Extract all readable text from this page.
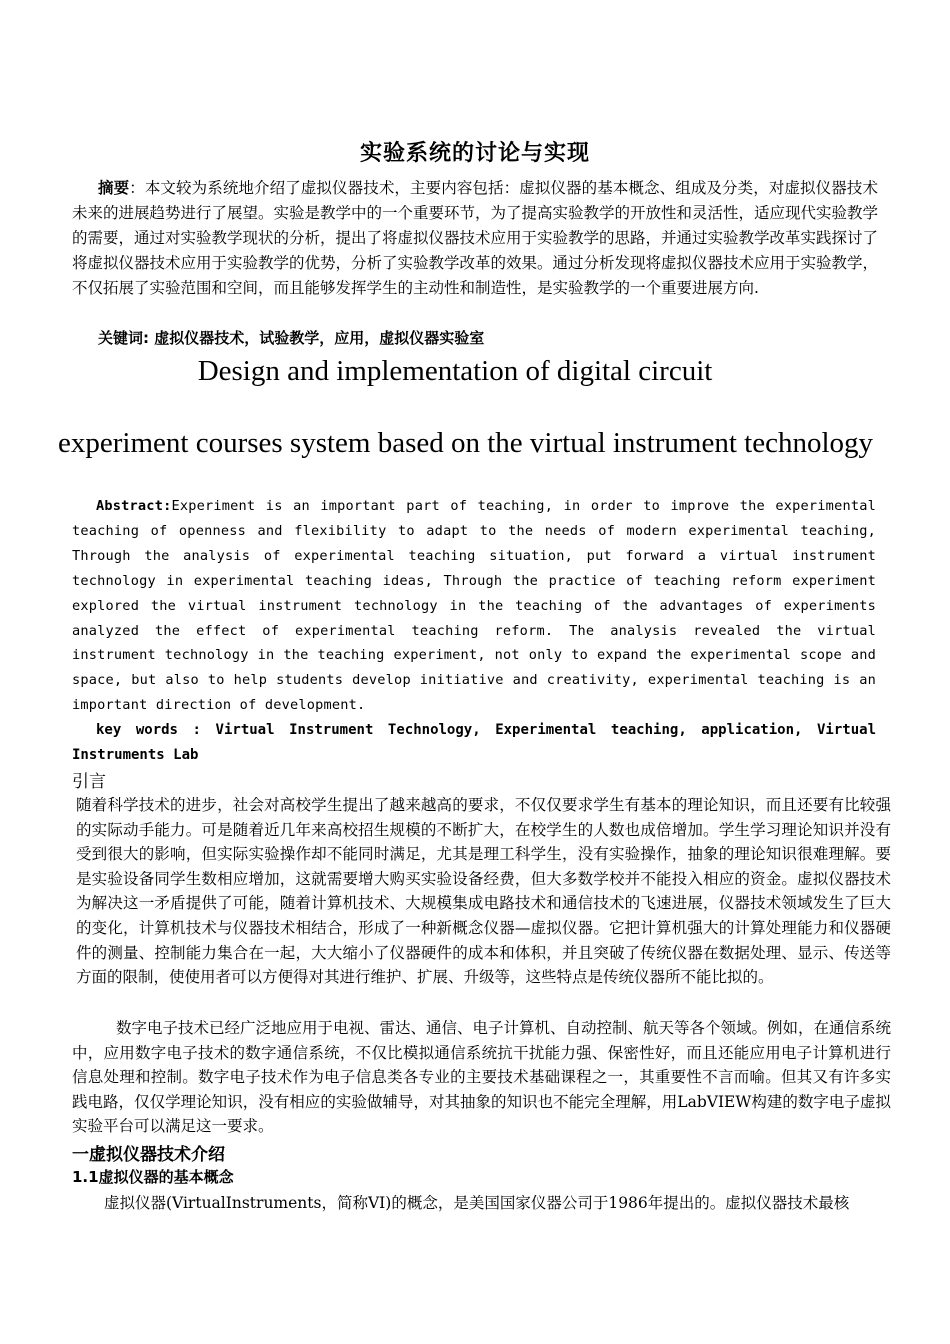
实验系统的讨论与实现
摘要：本文较为系统地介绍了虚拟仪器技术，主要内容包括：虚拟仪器的基本概念、组成及分类，对虚拟仪器技术未来的进展趋势进行了展望。实验是教学中的一个重要环节，为了提高实验教学的开放性和灵活性，适应现代实验教学的需要，通过对实验教学现状的分析，提出了将虚拟仪器技术应用于实验教学的思路，并通过实验教学改革实践探讨了将虚拟仪器技术应用于实验教学的优势，分析了实验教学改革的效果。通过分析发现将虚拟仪器技术应用于实验教学，不仅拓展了实验范围和空间，而且能够发挥学生的主动性和制造性，是实验教学的一个重要进展方向.
关键词: 虚拟仪器技术，试验教学，应用，虚拟仪器实验室
Design and implementation of digital circuit
experiment courses system based on the virtual instrument technology
Abstract:Experiment is an important part of teaching, in order to improve the experimental teaching of openness and flexibility to adapt to the needs of modern experimental teaching, Through the analysis of experimental teaching situation, put forward a virtual instrument technology in experimental teaching ideas, Through the practice of teaching reform experiment explored the virtual instrument technology in the teaching of the advantages of experiments analyzed the effect of experimental teaching reform. The analysis revealed the virtual instrument technology in the teaching experiment, not only to expand the experimental scope and space, but also to help students develop initiative and creativity, experimental teaching is an important direction of development.
key words : Virtual Instrument Technology, Experimental teaching, application, Virtual Instruments Lab
引言
随着科学技术的进步，社会对高校学生提出了越来越高的要求，不仅仅要求学生有基本的理论知识，而且还要有比较强的实际动手能力。可是随着近几年来高校招生规模的不断扩大，在校学生的人数也成倍增加。学生学习理论知识并没有受到很大的影响，但实际实验操作却不能同时满足，尤其是理工科学生，没有实验操作，抽象的理论知识很难理解。要是实验设备同学生数相应增加，这就需要增大购买实验设备经费，但大多数学校并不能投入相应的资金。虚拟仪器技术为解决这一矛盾提供了可能，随着计算机技术、大规模集成电路技术和通信技术的飞速进展，仪器技术领域发生了巨大的变化，计算机技术与仪器技术相结合，形成了一种新概念仪器—虚拟仪器。它把计算机强大的计算处理能力和仪器硬件的测量、控制能力集合在一起，大大缩小了仪器硬件的成本和体积，并且突破了传统仪器在数据处理、显示、传送等方面的限制，使使用者可以方便得对其进行维护、扩展、升级等，这些特点是传统仪器所不能比拟的。
数字电子技术已经广泛地应用于电视、雷达、通信、电子计算机、自动控制、航天等各个领域。例如，在通信系统中，应用数字电子技术的数字通信系统，不仅比模拟通信系统抗干扰能力强、保密性好，而且还能应用电子计算机进行信息处理和控制。数字电子技术作为电子信息类各专业的主要技术基础课程之一，其重要性不言而喻。但其又有许多实践电路，仅仅学理论知识，没有相应的实验做辅导，对其抽象的知识也不能完全理解，用LabVIEW构建的数字电子虚拟实验平台可以满足这一要求。
一虚拟仪器技术介绍
1.1虚拟仪器的基本概念
虚拟仪器(VirtualInstruments，简称VI)的概念，是美国国家仪器公司于1986年提出的。虚拟仪器技术最核
